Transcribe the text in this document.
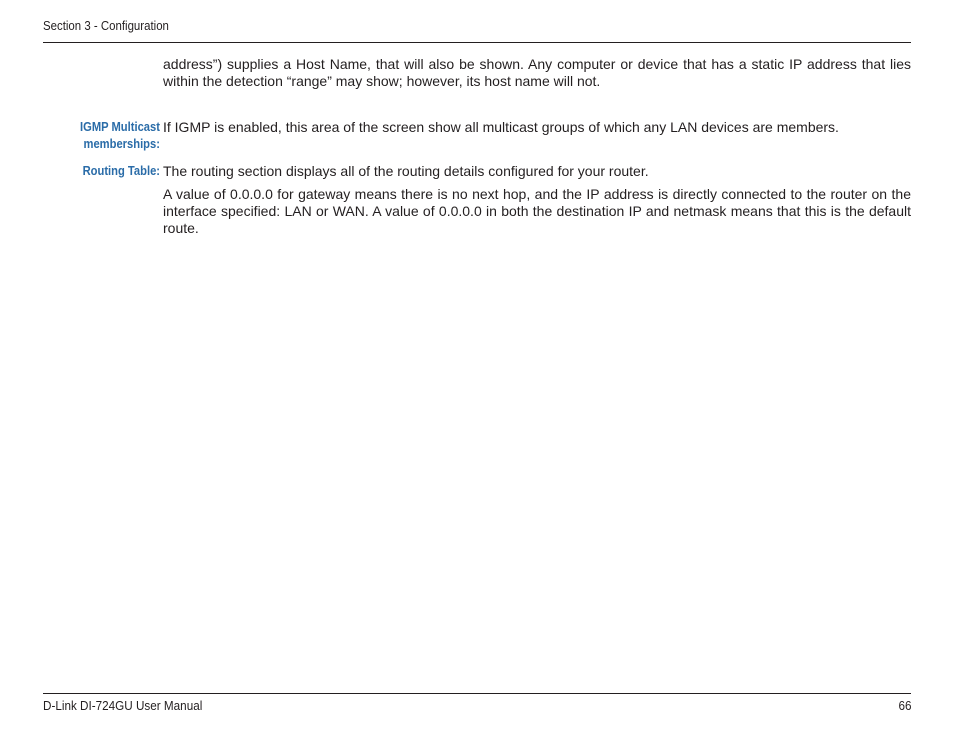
Section 3 - Configuration
address”) supplies a Host Name, that will also be shown. Any computer or device that has a static IP address that lies within the detection “range” may show; however, its host name will not.
IGMP Multicast
memberships:
If IGMP is enabled, this area of the screen show all multicast groups of which any LAN devices are members.
Routing Table: The routing section displays all of the routing details configured for your router.
A value of 0.0.0.0 for gateway means there is no next hop, and the IP address is directly connected to the router on the interface specified: LAN or WAN. A value of 0.0.0.0 in both the destination IP and netmask means that this is the default route.
D-Link DI-724GU User Manual	66
